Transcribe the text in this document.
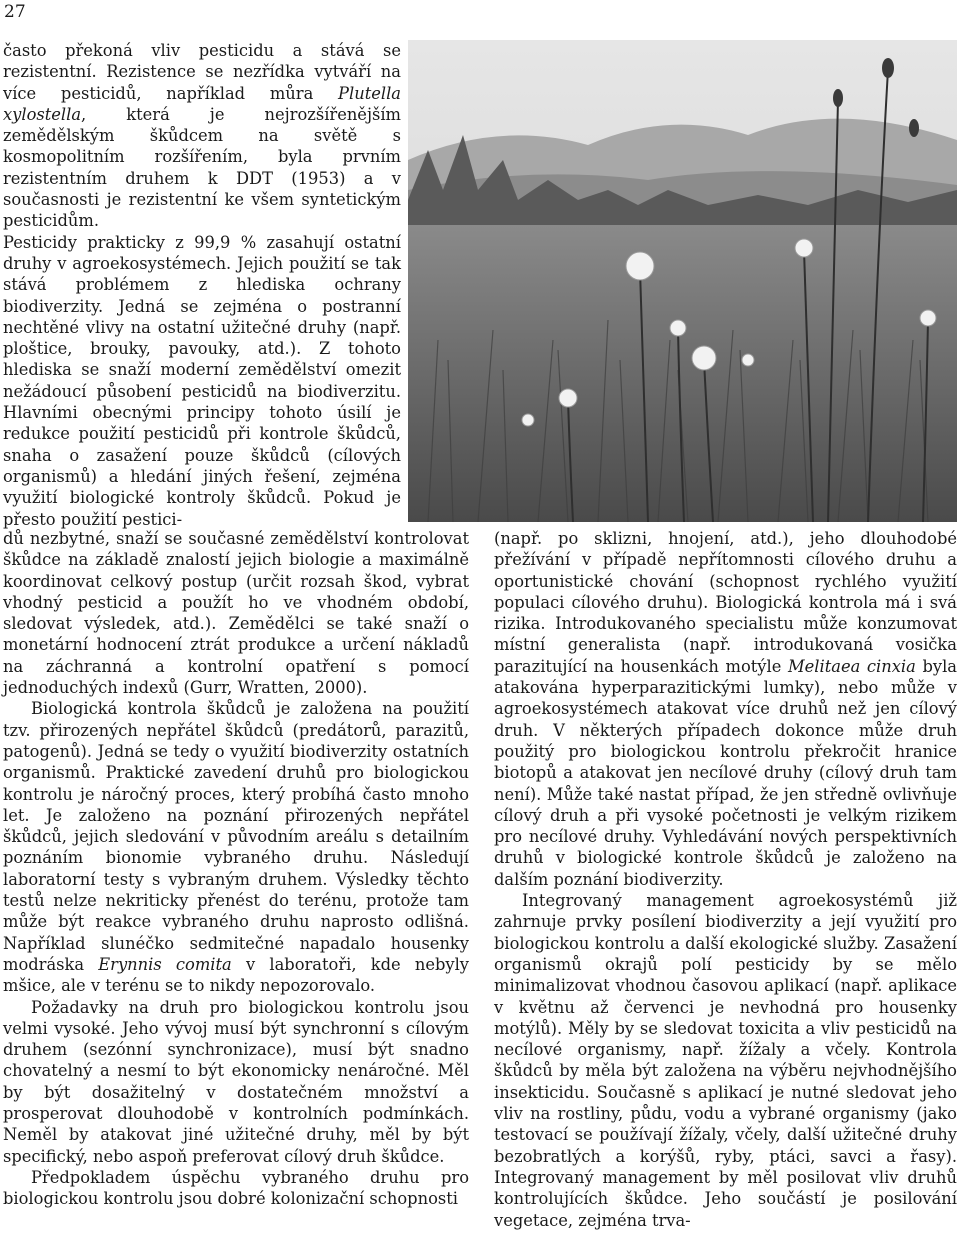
27

často překoná vliv pesticidu a stává se rezistentní. Rezistence se nezřídka vytváří na více pesticidů, například můra Plutella xylostella, která je nejrozšířenějším zemědělským škůdcem na světě s kosmopolitním rozšířením, byla prvním rezistentním druhem k DDT (1953) a v současnosti je rezistentní ke všem syntetickým pesticidům.

Pesticidy prakticky z 99,9 % zasahují ostatní druhy v agroekosystémech. Jejich použití se tak stává problémem z hlediska ochrany biodiverzity. Jedná se zejména o postranní nechtěné vlivy na ostatní užitečné druhy (např. ploštice, brouky, pavouky, atd.). Z tohoto hlediska se snaží moderní zemědělství omezit nežádoucí působení pesticidů na biodiverzitu. Hlavními obecnými principy tohoto úsilí je redukce použití pesticidů při kontrole škůdců, snaha o zasažení pouze škůdců (cílových organismů) a hledání jiných řešení, zejména využití biologické kontroly škůdců. Pokud je přesto použití pestici-

dů nezbytné, snaží se současné zemědělství kontrolovat škůdce na základě znalostí jejich biologie a maximálně koordinovat celkový postup (určit rozsah škod, vybrat vhodný pesticid a použít ho ve vhodném období, sledovat výsledek, atd.). Zemědělci se také snaží o monetární hodnocení ztrát produkce a určení nákladů na záchranná a kontrolní opatření s pomocí jednoduchých indexů (Gurr, Wratten, 2000).

Biologická kontrola škůdců je založena na použití tzv. přirozených nepřátel škůdců (predátorů, parazitů, patogenů). Jedná se tedy o využití biodiverzity ostatních organismů. Praktické zavedení druhů pro biologickou kontrolu je náročný proces, který probíhá často mnoho let. Je založeno na poznání přirozených nepřátel škůdců, jejich sledování v původním areálu s detailním poznáním bionomie vybraného druhu. Následují laboratorní testy s vybraným druhem. Výsledky těchto testů nelze nekriticky přenést do terénu, protože tam může být reakce vybraného druhu naprosto odlišná. Například slunéčko sedmitečné napadalo housenky modráska Erynnis comita v laboratoři, kde nebyly mšice, ale v terénu se to nikdy nepozorovalo.

Požadavky na druh pro biologickou kontrolu jsou velmi vysoké. Jeho vývoj musí být synchronní s cílovým druhem (sezónní synchronizace), musí být snadno chovatelný a nesmí to být ekonomicky nenáročné. Měl by být dosažitelný v dostatečném množství a prosperovat dlouhodobě v kontrolních podmínkách. Neměl by atakovat jiné užitečné druhy, měl by být specifický, nebo aspoň preferovat cílový druh škůdce.

Předpokladem úspěchu vybraného druhu pro biologickou kontrolu jsou dobré kolonizační schopnosti

(např. po sklizni, hnojení, atd.), jeho dlouhodobé přežívání v případě nepřítomnosti cílového druhu a oportunistické chování (schopnost rychlého využití populaci cílového druhu). Biologická kontrola má i svá rizika. Introdukovaného specialistu může konzumovat místní generalista (např. introdukovaná vosička parazitující na housenkách motýle Melitaea cinxia byla atakována hyperparazitickými lumky), nebo může v agroekosystémech atakovat více druhů než jen cílový druh. V některých případech dokonce může druh použitý pro biologickou kontrolu překročit hranice biotopů a atakovat jen necílové druhy (cílový druh tam není). Může také nastat případ, že jen středně ovlivňuje cílový druh a při vysoké početnosti je velkým rizikem pro necílové druhy. Vyhledávání nových perspektivních druhů v biologické kontrole škůdců je založeno na dalším poznání biodiverzity.

Integrovaný management agroekosystémů již zahrnuje prvky posílení biodiverzity a její využití pro biologickou kontrolu a další ekologické služby. Zasažení organismů okrajů polí pesticidy by se mělo minimalizovat vhodnou časovou aplikací (např. aplikace v květnu až červenci je nevhodná pro housenky motýlů). Měly by se sledovat toxicita a vliv pesticidů na necílové organismy, např. žížaly a včely. Kontrola škůdců by měla být založena na výběru nejvhodnějšího insekticidu. Současně s aplikací je nutné sledovat jeho vliv na rostliny, půdu, vodu a vybrané organismy (jako testovací se používají žížaly, včely, další užitečné druhy bezobratlých a korýšů, ryby, ptáci, savci a řasy). Integrovaný management by měl posilovat vliv druhů kontrolujících škůdce. Jeho součástí je posilování vegetace, zejména trva-
